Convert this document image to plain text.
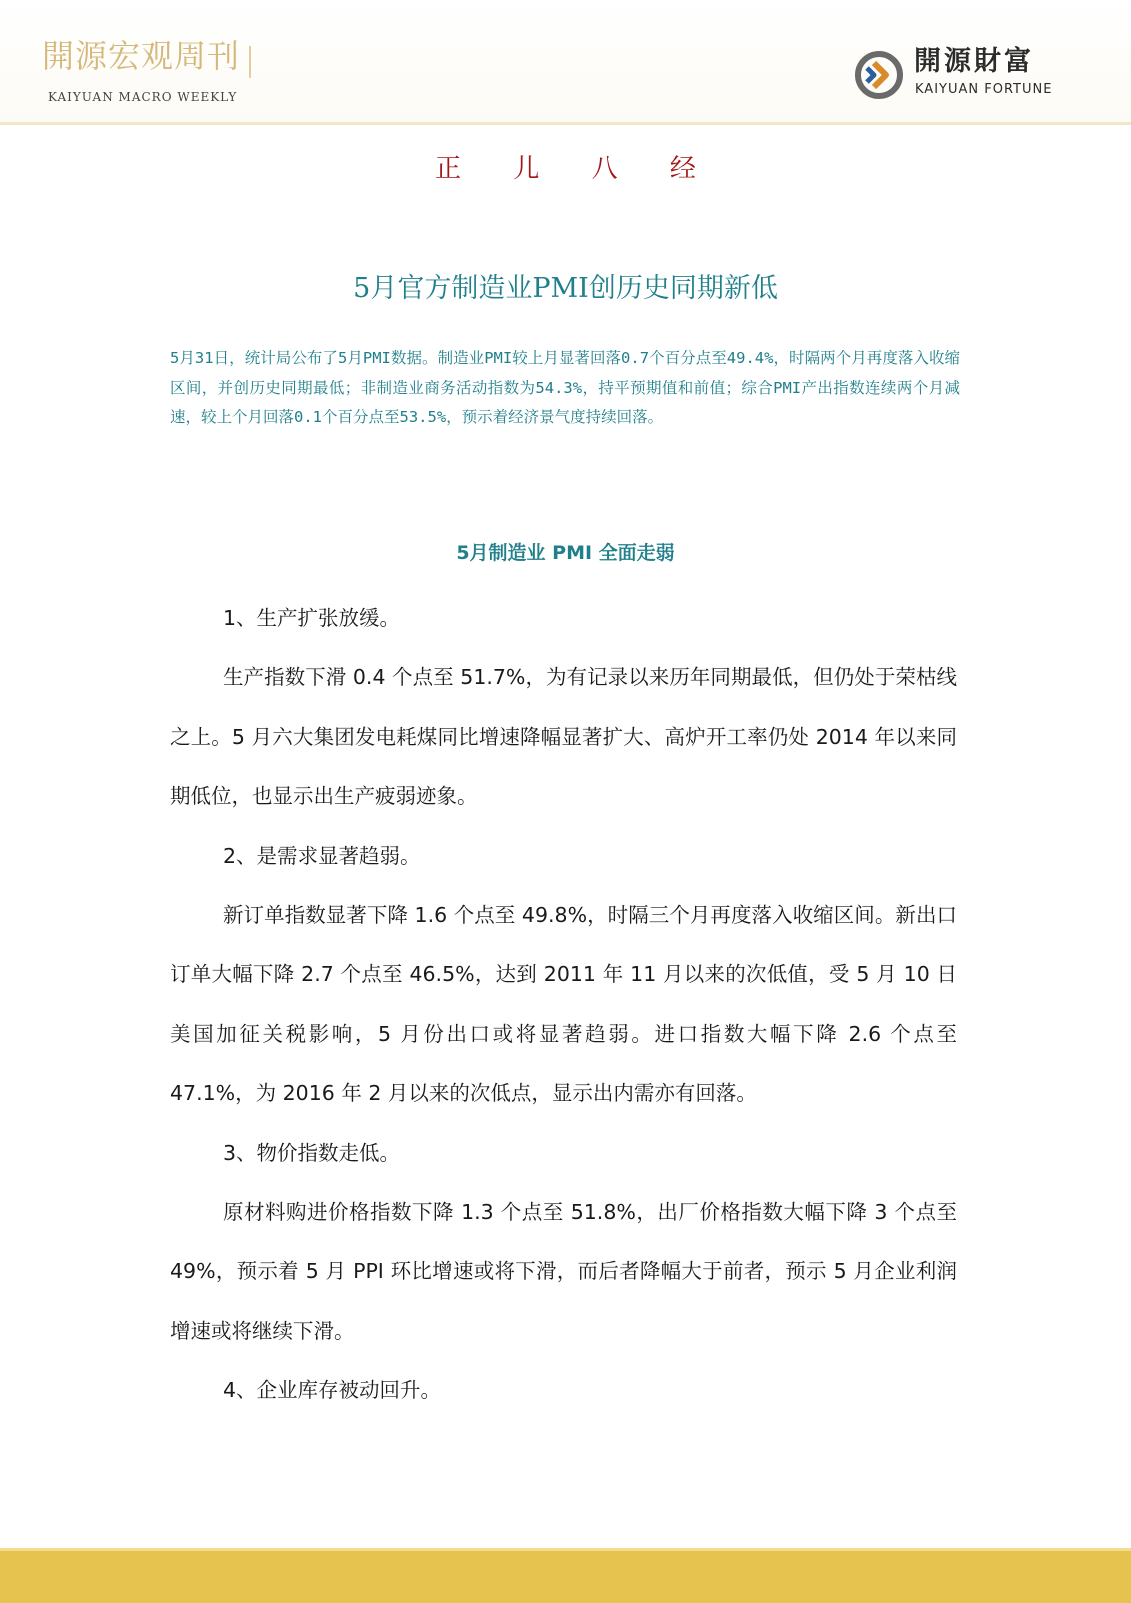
開源宏观周刊
KAIYUAN MACRO WEEKLY
開源財富
KAIYUAN FORTUNE
正 儿 八 经
5月官方制造业PMI创历史同期新低

5月31日，统计局公布了5月PMI数据。制造业PMI较上月显著回落0.7个百分点至49.4%，时隔两个月再度落入收缩区间，并创历史同期最低；非制造业商务活动指数为54.3%，持平预期值和前值；综合PMI产出指数连续两个月减速，较上个月回落0.1个百分点至53.5%，预示着经济景气度持续回落。

5月制造业 PMI 全面走弱

1、生产扩张放缓。

生产指数下滑 0.4 个点至 51.7%，为有记录以来历年同期最低，但仍处于荣枯线之上。5 月六大集团发电耗煤同比增速降幅显著扩大、高炉开工率仍处 2014 年以来同期低位，也显示出生产疲弱迹象。

2、是需求显著趋弱。

新订单指数显著下降 1.6 个点至 49.8%，时隔三个月再度落入收缩区间。新出口订单大幅下降 2.7 个点至 46.5%，达到 2011 年 11 月以来的次低值，受 5 月 10 日美国加征关税影响，5 月份出口或将显著趋弱。进口指数大幅下降 2.6 个点至 47.1%，为 2016 年 2 月以来的次低点，显示出内需亦有回落。

3、物价指数走低。

原材料购进价格指数下降 1.3 个点至 51.8%，出厂价格指数大幅下降 3 个点至 49%，预示着 5 月 PPI 环比增速或将下滑，而后者降幅大于前者，预示 5 月企业利润增速或将继续下滑。

4、企业库存被动回升。
